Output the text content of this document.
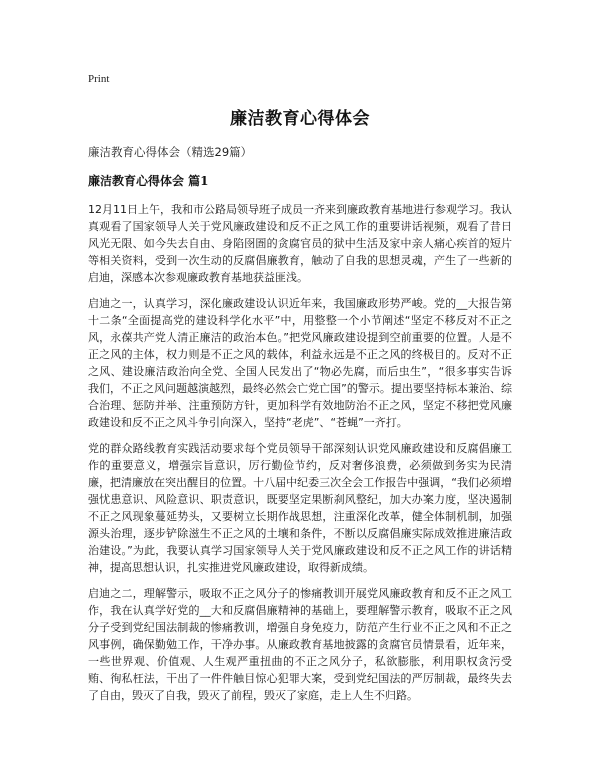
Print
廉洁教育心得体会
廉洁教育心得体会（精选29篇）
廉洁教育心得体会 篇1

12月11日上午，我和市公路局领导班子成员一齐来到廉政教育基地进行参观学习。我认真观看了国家领导人关于党风廉政建设和反不正之风工作的重要讲话视频，观看了昔日风光无限、如今失去自由、身陷囹圄的贪腐官员的狱中生活及家中亲人痛心疾首的短片等相关资料，受到一次生动的反腐倡廉教育，触动了自我的思想灵魂，产生了一些新的启迪，深感本次参观廉政教育基地获益匪浅。

启迪之一，认真学习，深化廉政建设认识近年来，我国廉政形势严峻。党的__大报告第十二条“全面提高党的建设科学化水平”中，用整整一个小节阐述“坚定不移反对不正之风，永葆共产党人清正廉洁的政治本色。”把党风廉政建设提到空前重要的位置。人是不正之风的主体，权力则是不正之风的载体，利益永远是不正之风的终极目的。反对不正之风、建设廉洁政治向全党、全国人民发出了“物必先腐，而后虫生”，“很多事实告诉我们，不正之风问题越演越烈，最终必然会亡党亡国”的警示。提出要坚持标本兼治、综合治理、惩防并举、注重预防方针，更加科学有效地防治不正之风，坚定不移把党风廉政建设和反不正之风斗争引向深入，坚持“老虎”、“苍蝇”一齐打。

党的群众路线教育实践活动要求每个党员领导干部深刻认识党风廉政建设和反腐倡廉工作的重要意义，增强宗旨意识，厉行勤俭节约，反对奢侈浪费，必须做到务实为民清廉，把清廉放在突出醒目的位置。十八届中纪委三次全会工作报告中强调，“我们必须增强忧患意识、风险意识、职责意识，既要坚定果断刹风整纪，加大办案力度，坚决遏制不正之风现象蔓延势头，又要树立长期作战思想，注重深化改革，健全体制机制，加强源头治理，逐步铲除滋生不正之风的土壤和条件，不断以反腐倡廉实际成效推进廉洁政治建设。”为此，我要认真学习国家领导人关于党风廉政建设和反不正之风工作的讲话精神，提高思想认识，扎实推进党风廉政建设，取得新成绩。

启迪之二，理解警示，吸取不正之风分子的惨痛教训开展党风廉政教育和反不正之风工作，我在认真学好党的__大和反腐倡廉精神的基础上，要理解警示教育，吸取不正之风分子受到党纪国法制裁的惨痛教训，增强自身免疫力，防范产生行业不正之风和不正之风事例，确保勤勉工作，干净办事。从廉政教育基地披露的贪腐官员情景看，近年来，一些世界观、价值观、人生观严重扭曲的不正之风分子，私欲膨胀，利用职权贪污受贿、徇私枉法，干出了一件件触目惊心犯罪大案，受到党纪国法的严厉制裁，最终失去了自由，毁灭了自我，毁灭了前程，毁灭了家庭，走上人生不归路。
